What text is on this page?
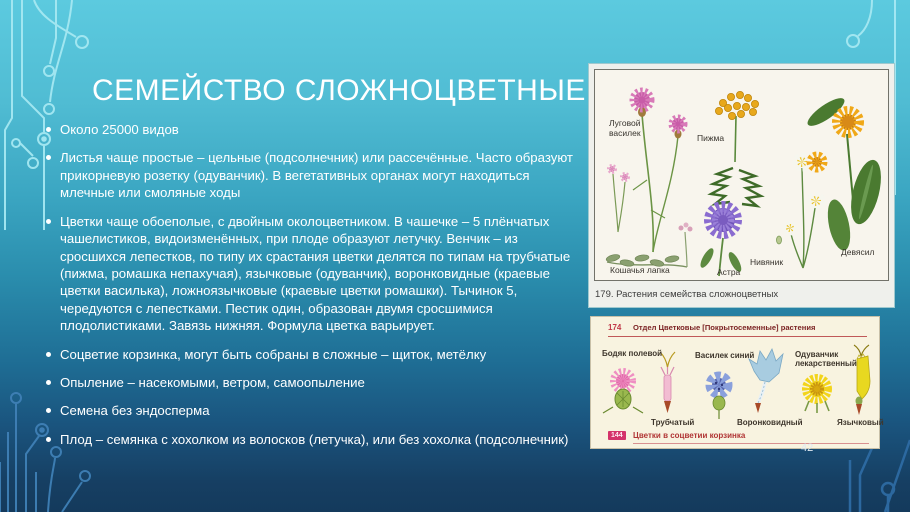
СЕМЕЙСТВО СЛОЖНОЦВЕТНЫЕ
Около 25000 видов
Листья чаще простые – цельные (подсолнечник) или рассечённые. Часто образуют прикорневую розетку (одуванчик). В вегетативных органах могут находиться млечные или смоляные ходы
Цветки чаще обоеполые, с двойным околоцветником. В чашечке – 5 плёнчатых чашелистиков, видоизменённых, при плоде образуют летучку. Венчик – из сросшихся лепестков, по типу их срастания цветки делятся по типам на трубчатые (пижма, ромашка непахучая), язычковые (одуванчик), воронковидные (краевые цветки василька), ложноязычковые (краевые цветки ромашки). Тычинок 5, чередуются с лепестками. Пестик один, образован двумя сросшимися плодолистиками. Завязь нижняя. Формула цветка варьирует.
Соцветие корзинка, могут быть собраны в сложные – щиток, метёлку
Опыление – насекомыми, ветром, самоопыление
Семена без эндосперма
Плод – семянка с хохолком из волосков (летучка), или без хохолка (подсолнечник)
Луговой василек
Пижма
Кошачья лапка	Астра
Нивяник
Девясил
179. Растения семейства сложноцветных
174 Отдел Цветковые [Покрытосеменные] растения
Бодяк полевой
Трубчатый
Василек синий
Воронковидный
Одуванчик лекарственный
Язычковый
144	Цветки в соцветии корзинка
42
